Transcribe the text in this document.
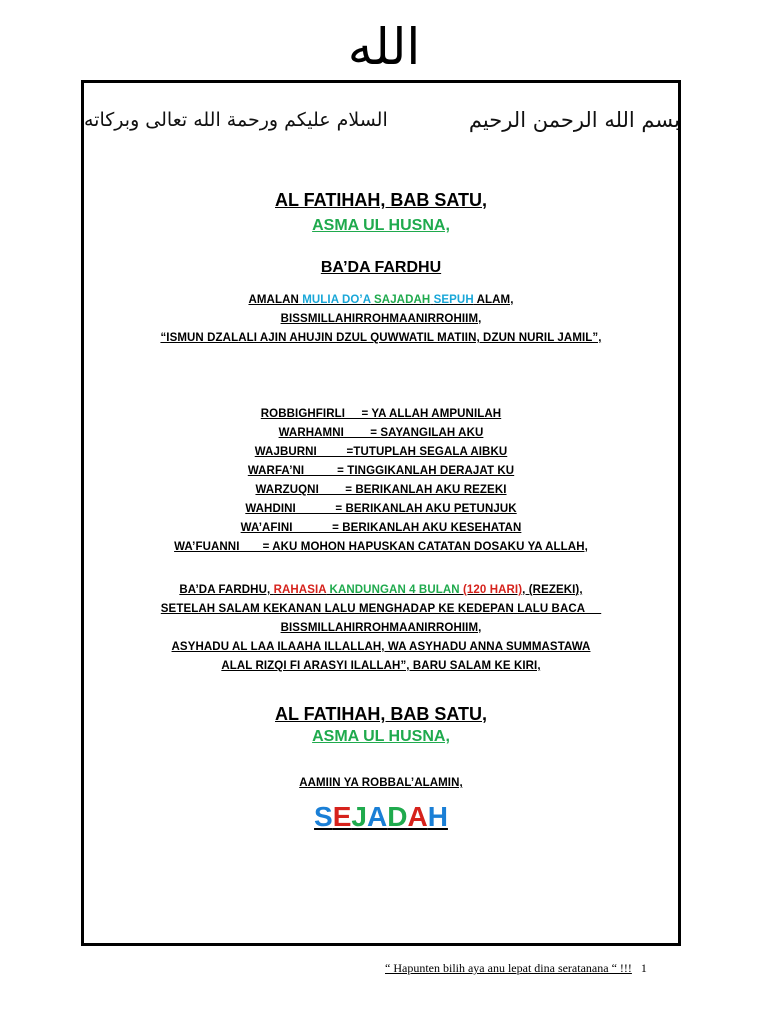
الله
السلام عليكم ورحمة الله تعالى وبركاته	بسم الله الرحمن الرحيم
AL FATIHAH, BAB SATU,
ASMA UL HUSNA,
BA’DA FARDHU
AMALAN MULIA DO’A SAJADAH SEPUH ALAM,
BISSMILLAHIRROHMAANIRROHIIM,
“ISMUN DZALALI AJIN AHUJIN DZUL QUWWATIL MATIIN, DZUN NURIL JAMIL”,
ROBBIGHFIRLI     = YA ALLAH AMPUNILAH
WARHAMNI        = SAYANGILAH AKU
WAJBURNI         =TUTUPLAH SEGALA AIBKU
WARFA’NI          = TINGGIKANLAH DERAJAT KU
WARZUQNI        = BERIKANLAH AKU REZEKI
WAHDINI            = BERIKANLAH AKU PETUNJUK
WA’AFINI            = BERIKANLAH AKU KESEHATAN
WA’FUANNI       = AKU MOHON HAPUSKAN CATATAN DOSAKU YA ALLAH,
BA’DA FARDHU, RAHASIA KANDUNGAN 4 BULAN (120 HARI), (REZEKI),
SETELAH SALAM KEKANAN LALU MENGHADAP KE KEDEPAN LALU BACA
BISSMILLAHIRROHMAANIRROHIIM,
ASYHADU AL LAA ILAAHA ILLALLAH, WA ASYHADU ANNA SUMMASTAWA
ALAL RIZQI FI ARASYI ILALLAH”, BARU SALAM KE KIRI,
AL FATIHAH, BAB SATU,
ASMA UL HUSNA,
AAMIIN YA ROBBAL’ALAMIN,
SEJADAH
“ Hapunten bilih aya anu lepat dina seratanana “ !!! 1
